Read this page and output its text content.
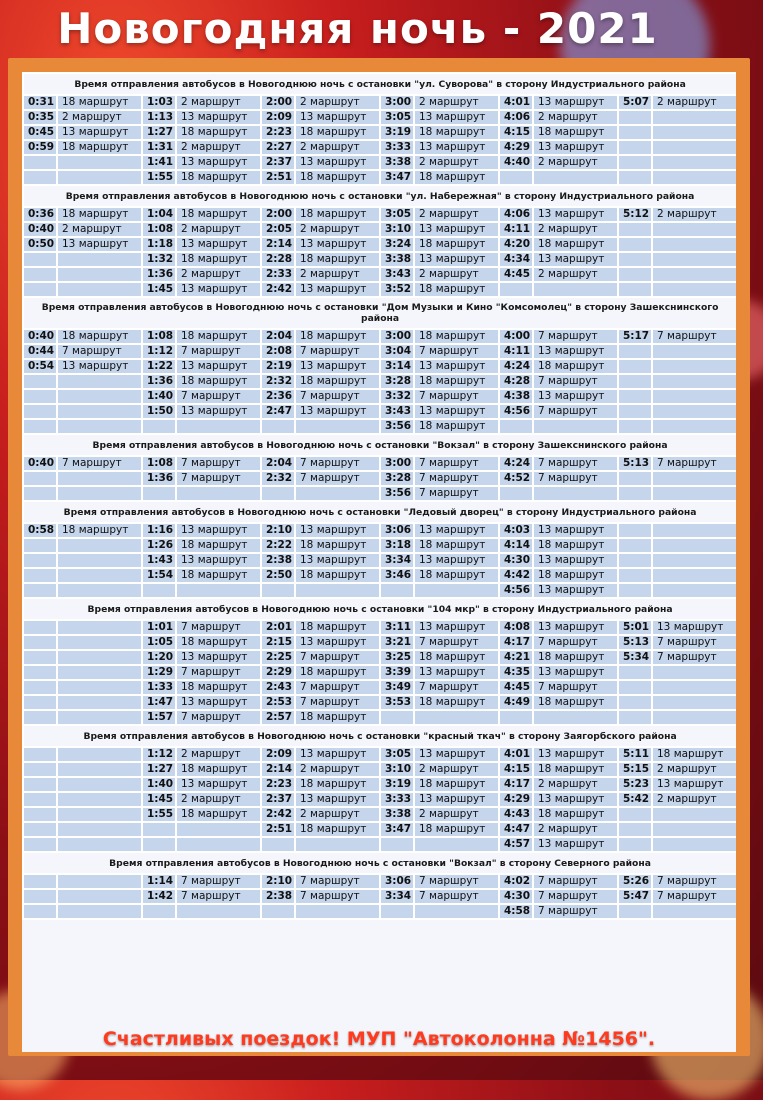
Новогодняя ночь - 2021
Время отправления автобусов в Новогоднюю ночь с остановки "ул. Суворова" в сторону Индустриального района											
0:31	18 маршрут	1:03	2 маршрут	2:00	2 маршрут	3:00	2 маршрут	4:01	13 маршрут	5:07	2 маршрут
0:35	2 маршрут	1:13	13 маршрут	2:09	13 маршрут	3:05	13 маршрут	4:06	2 маршрут		
0:45	13 маршрут	1:27	18 маршрут	2:23	18 маршрут	3:19	18 маршрут	4:15	18 маршрут		
0:59	18 маршрут	1:31	2 маршрут	2:27	2 маршрут	3:33	13 маршрут	4:29	13 маршрут		
		1:41	13 маршрут	2:37	13 маршрут	3:38	2 маршрут	4:40	2 маршрут		
		1:55	18 маршрут	2:51	18 маршрут	3:47	18 маршрут				
Время отправления автобусов в Новогоднюю ночь с остановки "ул. Набережная" в сторону Индустриального района											
0:36	18 маршрут	1:04	18 маршрут	2:00	18 маршрут	3:05	2 маршрут	4:06	13 маршрут	5:12	2 маршрут
0:40	2 маршрут	1:08	2 маршрут	2:05	2 маршрут	3:10	13 маршрут	4:11	2 маршрут		
0:50	13 маршрут	1:18	13 маршрут	2:14	13 маршрут	3:24	18 маршрут	4:20	18 маршрут		
		1:32	18 маршрут	2:28	18 маршрут	3:38	13 маршрут	4:34	13 маршрут		
		1:36	2 маршрут	2:33	2 маршрут	3:43	2 маршрут	4:45	2 маршрут		
		1:45	13 маршрут	2:42	13 маршрут	3:52	18 маршрут				
Время отправления автобусов в Новогоднюю ночь с остановки "Дом Музыки и Кино "Комсомолец" в сторону Зашекснинского района											
0:40	18 маршрут	1:08	18 маршрут	2:04	18 маршрут	3:00	18 маршрут	4:00	7 маршрут	5:17	7 маршрут
0:44	7 маршрут	1:12	7 маршрут	2:08	7 маршрут	3:04	7 маршрут	4:11	13 маршрут		
0:54	13 маршрут	1:22	13 маршрут	2:19	13 маршрут	3:14	13 маршрут	4:24	18 маршрут		
		1:36	18 маршрут	2:32	18 маршрут	3:28	18 маршрут	4:28	7 маршрут		
		1:40	7 маршрут	2:36	7 маршрут	3:32	7 маршрут	4:38	13 маршрут		
		1:50	13 маршрут	2:47	13 маршрут	3:43	13 маршрут	4:56	7 маршрут		
						3:56	18 маршрут				
Время отправления автобусов в Новогоднюю ночь с остановки "Вокзал" в сторону Зашекснинского района											
0:40	7 маршрут	1:08	7 маршрут	2:04	7 маршрут	3:00	7 маршрут	4:24	7 маршрут	5:13	7 маршрут
		1:36	7 маршрут	2:32	7 маршрут	3:28	7 маршрут	4:52	7 маршрут		
						3:56	7 маршрут				
Время отправления автобусов в Новогоднюю ночь с остановки "Ледовый дворец" в сторону Индустриального района											
0:58	18 маршрут	1:16	13 маршрут	2:10	13 маршрут	3:06	13 маршрут	4:03	13 маршрут		
		1:26	18 маршрут	2:22	18 маршрут	3:18	18 маршрут	4:14	18 маршрут		
		1:43	13 маршрут	2:38	13 маршрут	3:34	13 маршрут	4:30	13 маршрут		
		1:54	18 маршрут	2:50	18 маршрут	3:46	18 маршрут	4:42	18 маршрут		
								4:56	13 маршрут		
Время отправления автобусов в Новогоднюю ночь с остановки "104 мкр" в сторону Индустриального района											
		1:01	7 маршрут	2:01	18 маршрут	3:11	13 маршрут	4:08	13 маршрут	5:01	13 маршрут
		1:05	18 маршрут	2:15	13 маршрут	3:21	7 маршрут	4:17	7 маршрут	5:13	7 маршрут
		1:20	13 маршрут	2:25	7 маршрут	3:25	18 маршрут	4:21	18 маршрут	5:34	7 маршрут
		1:29	7 маршрут	2:29	18 маршрут	3:39	13 маршрут	4:35	13 маршрут		
		1:33	18 маршрут	2:43	7 маршрут	3:49	7 маршрут	4:45	7 маршрут		
		1:47	13 маршрут	2:53	7 маршрут	3:53	18 маршрут	4:49	18 маршрут		
		1:57	7 маршрут	2:57	18 маршрут						
Время отправления автобусов в Новогоднюю ночь с остановки "красный ткач" в сторону Заягорбского района											
		1:12	2 маршрут	2:09	13 маршрут	3:05	13 маршрут	4:01	13 маршрут	5:11	18 маршрут
		1:27	18 маршрут	2:14	2 маршрут	3:10	2 маршрут	4:15	18 маршрут	5:15	2 маршрут
		1:40	13 маршрут	2:23	18 маршрут	3:19	18 маршрут	4:17	2 маршрут	5:23	13 маршрут
		1:45	2 маршрут	2:37	13 маршрут	3:33	13 маршрут	4:29	13 маршрут	5:42	2 маршрут
		1:55	18 маршрут	2:42	2 маршрут	3:38	2 маршрут	4:43	18 маршрут		
				2:51	18 маршрут	3:47	18 маршрут	4:47	2 маршрут		
								4:57	13 маршрут		
Время отправления автобусов в Новогоднюю ночь с остановки "Вокзал" в сторону Северного района											
		1:14	7 маршрут	2:10	7 маршрут	3:06	7 маршрут	4:02	7 маршрут	5:26	7 маршрут
		1:42	7 маршрут	2:38	7 маршрут	3:34	7 маршрут	4:30	7 маршрут	5:47	7 маршрут
								4:58	7 маршрут		
Счастливых поездок! МУП "Автоколонна №1456".
